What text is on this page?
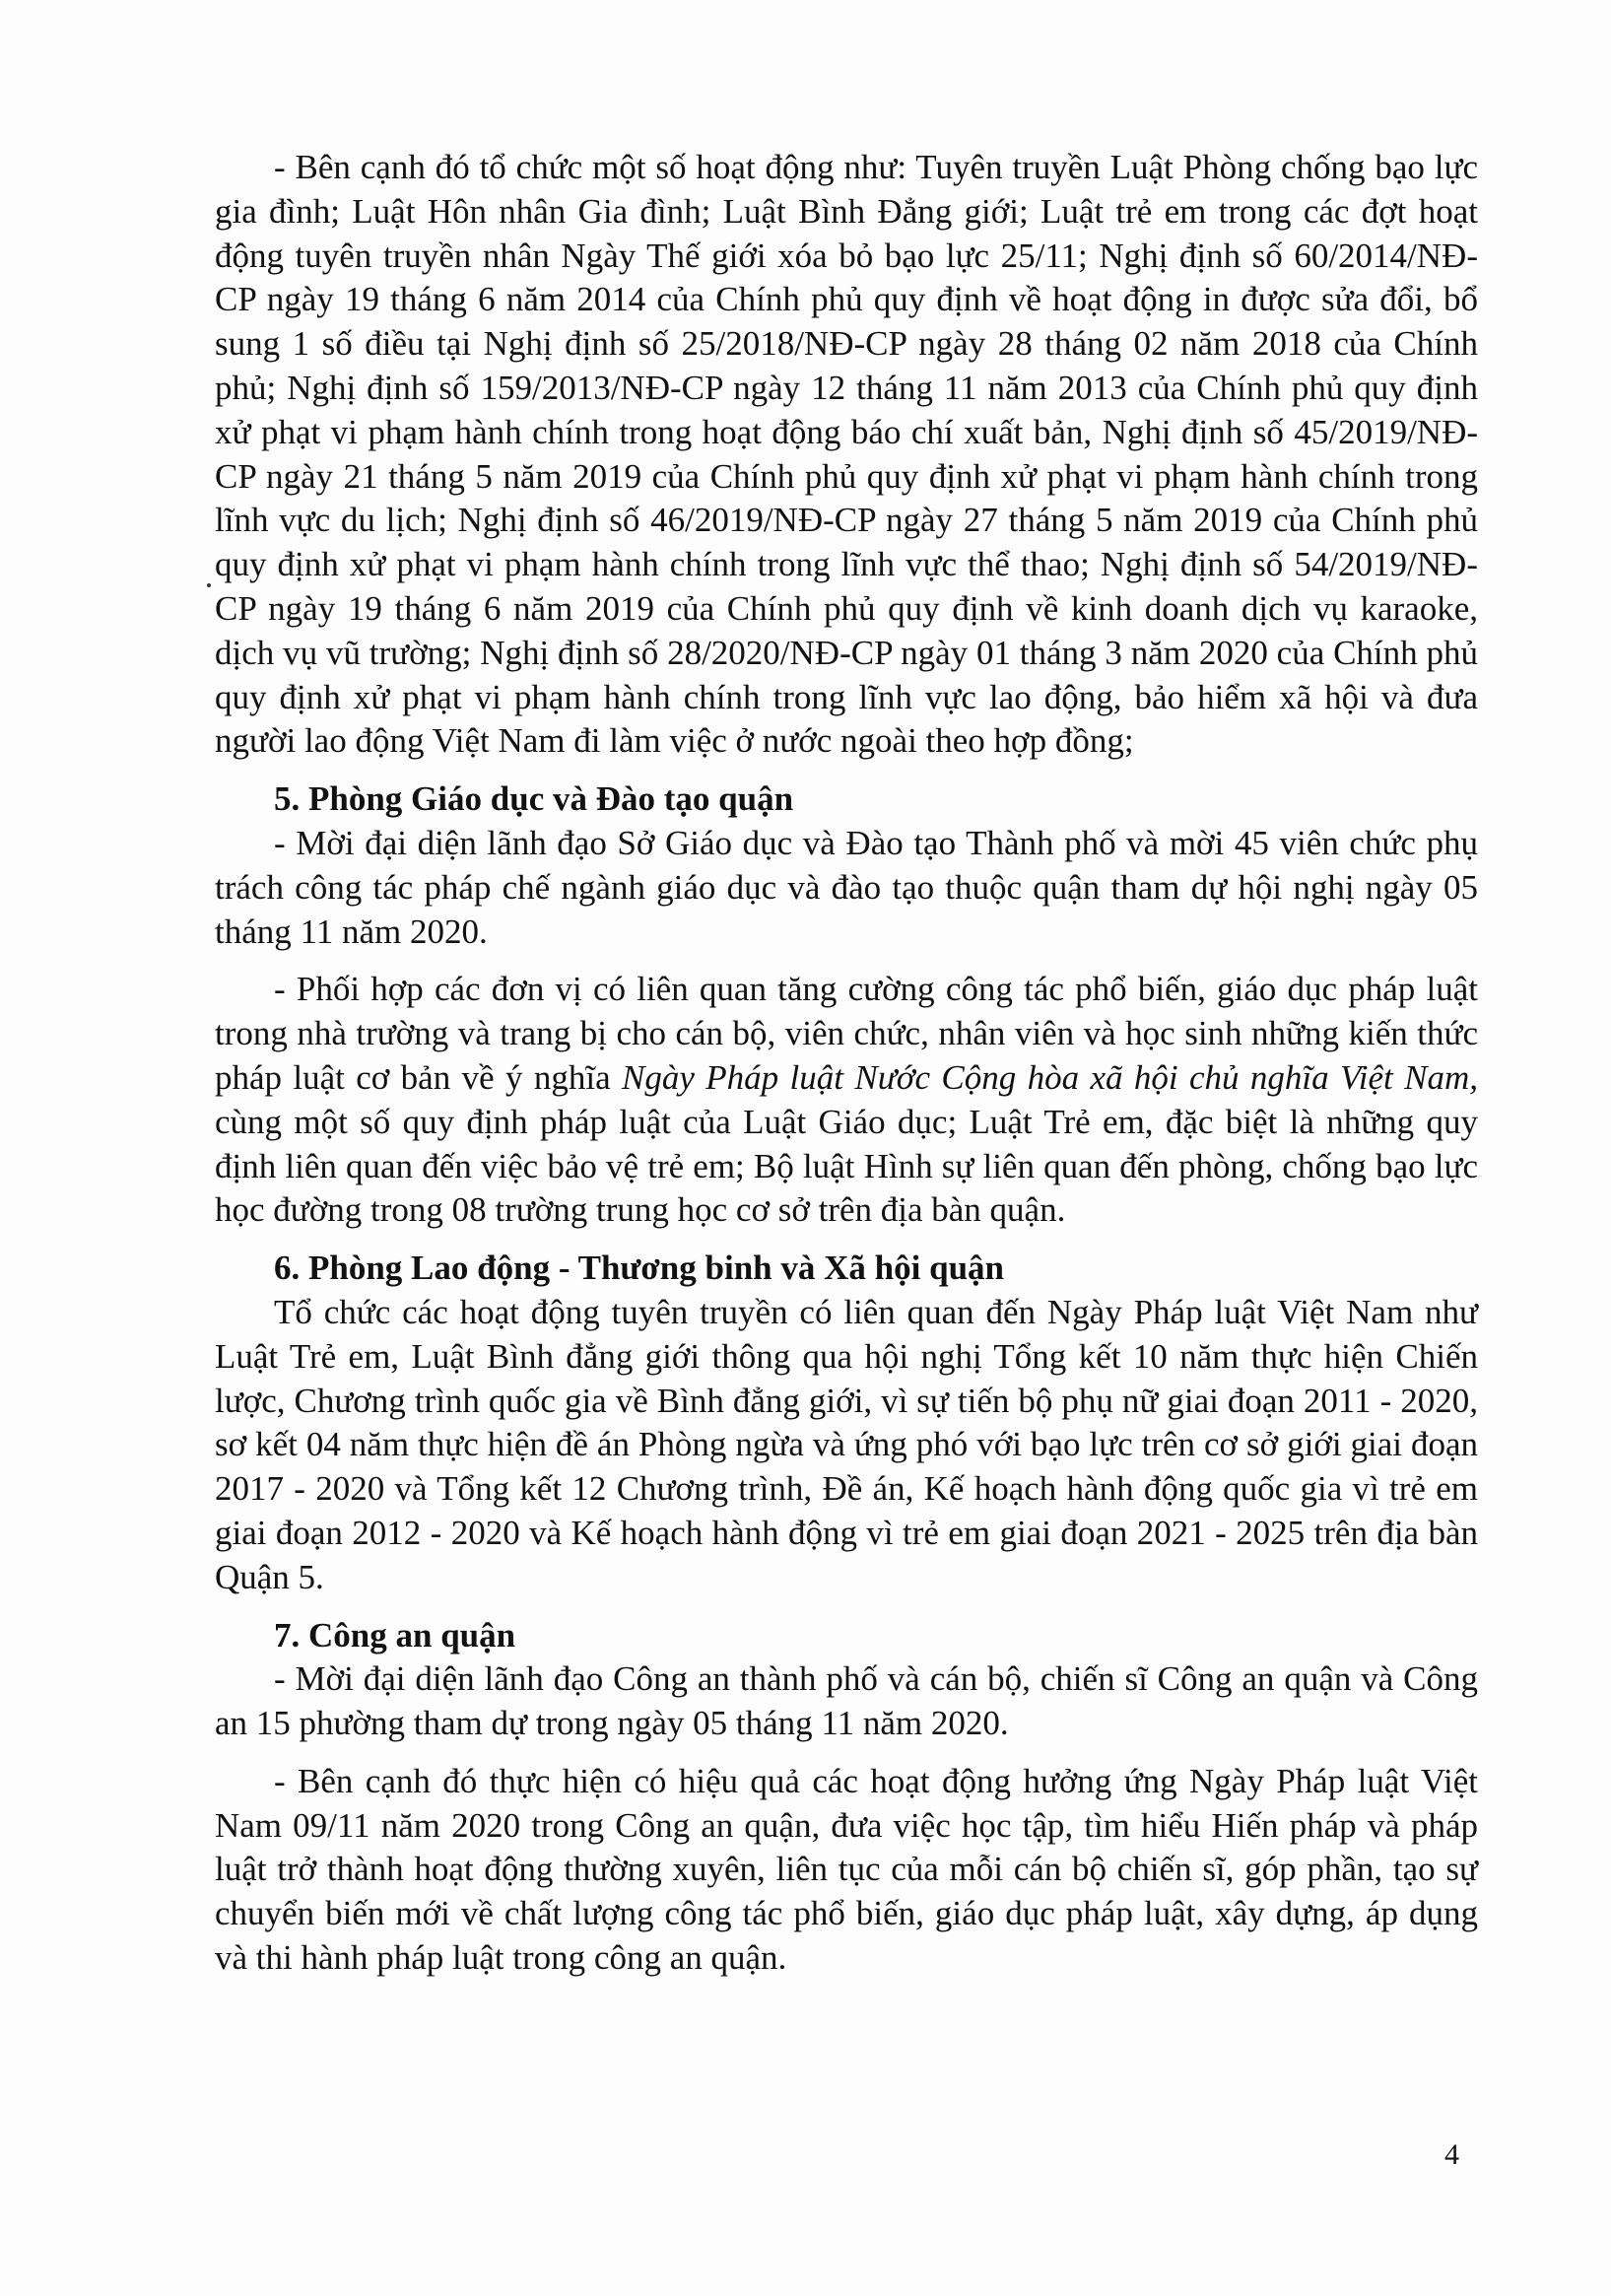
- Bên cạnh đó tổ chức một số hoạt động như: Tuyên truyền Luật Phòng chống bạo lực gia đình; Luật Hôn nhân Gia đình; Luật Bình Đẳng giới; Luật trẻ em trong các đợt hoạt động tuyên truyền nhân Ngày Thế giới xóa bỏ bạo lực 25/11; Nghị định số 60/2014/NĐ-CP ngày 19 tháng 6 năm 2014 của Chính phủ quy định về hoạt động in được sửa đổi, bổ sung 1 số điều tại Nghị định số 25/2018/NĐ-CP ngày 28 tháng 02 năm 2018 của Chính phủ; Nghị định số 159/2013/NĐ-CP ngày 12 tháng 11 năm 2013 của Chính phủ quy định xử phạt vi phạm hành chính trong hoạt động báo chí xuất bản, Nghị định số 45/2019/NĐ-CP ngày 21 tháng 5 năm 2019 của Chính phủ quy định xử phạt vi phạm hành chính trong lĩnh vực du lịch; Nghị định số 46/2019/NĐ-CP ngày 27 tháng 5 năm 2019 của Chính phủ quy định xử phạt vi phạm hành chính trong lĩnh vực thể thao; Nghị định số 54/2019/NĐ-CP ngày 19 tháng 6 năm 2019 của Chính phủ quy định về kinh doanh dịch vụ karaoke, dịch vụ vũ trường; Nghị định số 28/2020/NĐ-CP ngày 01 tháng 3 năm 2020 của Chính phủ quy định xử phạt vi phạm hành chính trong lĩnh vực lao động, bảo hiểm xã hội và đưa người lao động Việt Nam đi làm việc ở nước ngoài theo hợp đồng;

5. Phòng Giáo dục và Đào tạo quận

- Mời đại diện lãnh đạo Sở Giáo dục và Đào tạo Thành phố và mời 45 viên chức phụ trách công tác pháp chế ngành giáo dục và đào tạo thuộc quận tham dự hội nghị ngày 05 tháng 11 năm 2020.

- Phối hợp các đơn vị có liên quan tăng cường công tác phổ biến, giáo dục pháp luật trong nhà trường và trang bị cho cán bộ, viên chức, nhân viên và học sinh những kiến thức pháp luật cơ bản về ý nghĩa Ngày Pháp luật Nước Cộng hòa xã hội chủ nghĩa Việt Nam, cùng một số quy định pháp luật của Luật Giáo dục; Luật Trẻ em, đặc biệt là những quy định liên quan đến việc bảo vệ trẻ em; Bộ luật Hình sự liên quan đến phòng, chống bạo lực học đường trong 08 trường trung học cơ sở trên địa bàn quận.

6. Phòng Lao động - Thương binh và Xã hội quận

Tổ chức các hoạt động tuyên truyền có liên quan đến Ngày Pháp luật Việt Nam như Luật Trẻ em, Luật Bình đẳng giới thông qua hội nghị Tổng kết 10 năm thực hiện Chiến lược, Chương trình quốc gia về Bình đẳng giới, vì sự tiến bộ phụ nữ giai đoạn 2011 - 2020, sơ kết 04 năm thực hiện đề án Phòng ngừa và ứng phó với bạo lực trên cơ sở giới giai đoạn 2017 - 2020 và Tổng kết 12 Chương trình, Đề án, Kế hoạch hành động quốc gia vì trẻ em giai đoạn 2012 - 2020 và Kế hoạch hành động vì trẻ em giai đoạn 2021 - 2025 trên địa bàn Quận 5.

7. Công an quận

- Mời đại diện lãnh đạo Công an thành phố và cán bộ, chiến sĩ Công an quận và Công an 15 phường tham dự trong ngày 05 tháng 11 năm 2020.

- Bên cạnh đó thực hiện có hiệu quả các hoạt động hưởng ứng Ngày Pháp luật Việt Nam 09/11 năm 2020 trong Công an quận, đưa việc học tập, tìm hiểu Hiến pháp và pháp luật trở thành hoạt động thường xuyên, liên tục của mỗi cán bộ chiến sĩ, góp phần, tạo sự chuyển biến mới về chất lượng công tác phổ biến, giáo dục pháp luật, xây dựng, áp dụng và thi hành pháp luật trong công an quận.

4
